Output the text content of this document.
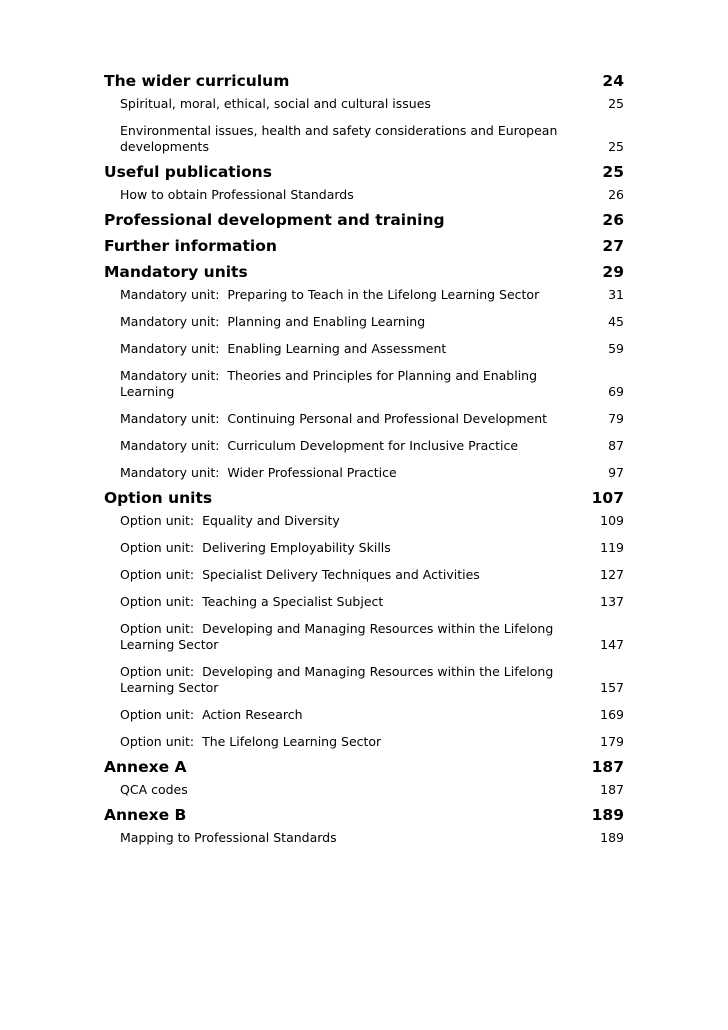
The wider curriculum	24
Spiritual, moral, ethical, social and cultural issues	25
Environmental issues, health and safety considerations and European developments	25
Useful publications	25
How to obtain Professional Standards	26
Professional development and training	26
Further information	27
Mandatory units	29
Mandatory unit:  Preparing to Teach in the Lifelong Learning Sector	31
Mandatory unit:  Planning and Enabling Learning	45
Mandatory unit:  Enabling Learning and Assessment	59
Mandatory unit:  Theories and Principles for Planning and Enabling Learning	69
Mandatory unit:  Continuing Personal and Professional Development	79
Mandatory unit:  Curriculum Development for Inclusive Practice	87
Mandatory unit:  Wider Professional Practice	97
Option units	107
Option unit:  Equality and Diversity	109
Option unit:  Delivering Employability Skills	119
Option unit:  Specialist Delivery Techniques and Activities	127
Option unit:  Teaching a Specialist Subject	137
Option unit:  Developing and Managing Resources within the Lifelong Learning Sector	147
Option unit:  Developing and Managing Resources within the Lifelong Learning Sector	157
Option unit:  Action Research	169
Option unit:  The Lifelong Learning Sector	179
Annexe A	187
QCA codes	187
Annexe B	189
Mapping to Professional Standards	189
